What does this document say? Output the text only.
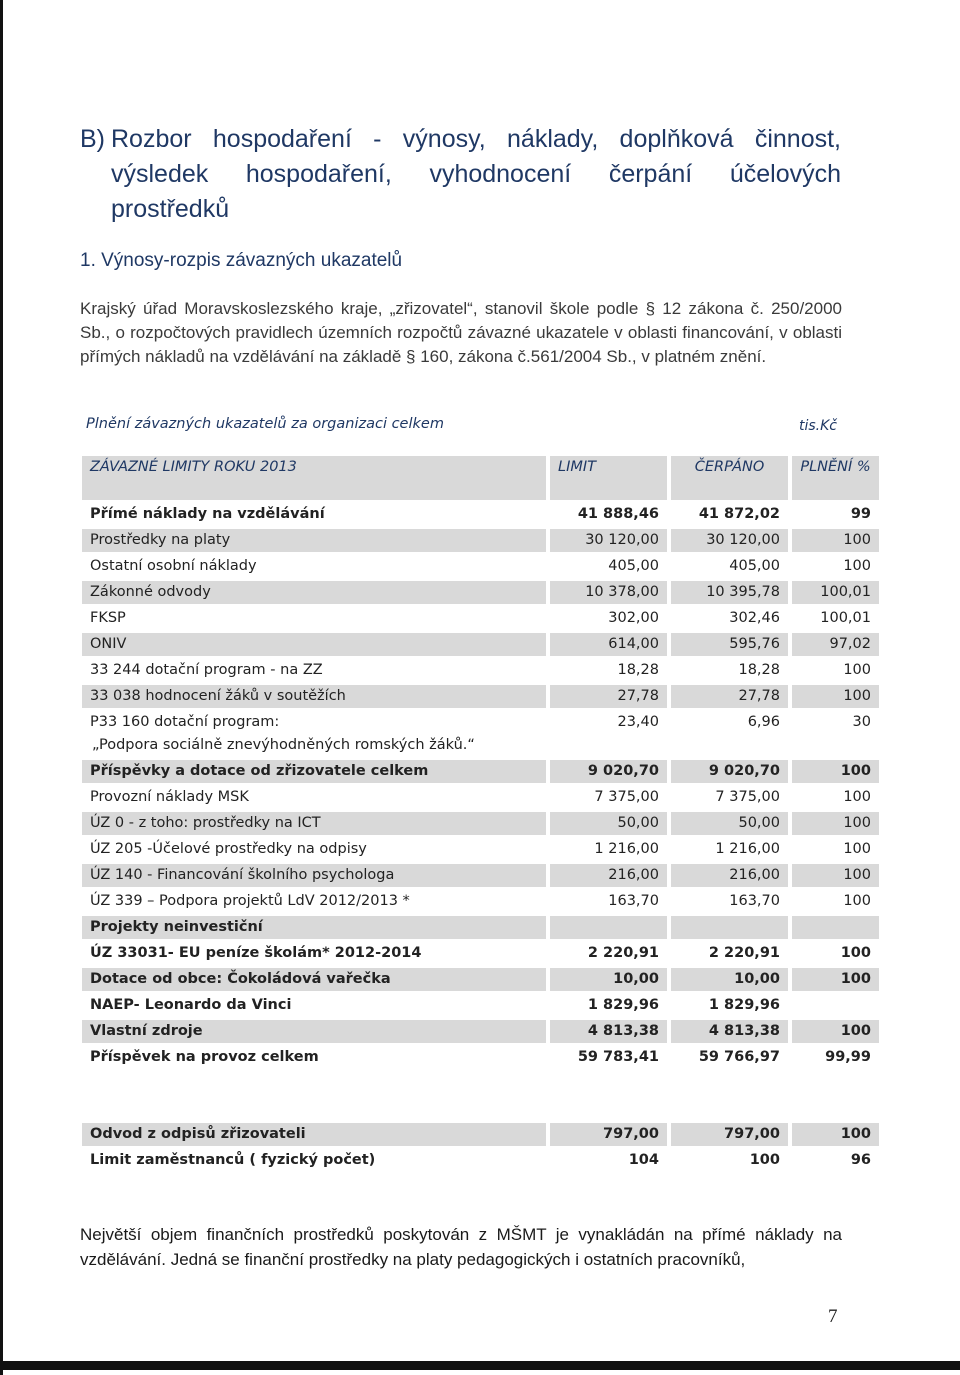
B) Rozbor hospodaření - výnosy, náklady, doplňková činnost, výsledek hospodaření, vyhodnocení čerpání účelových prostředků
1. Výnosy-rozpis závazných ukazatelů
Krajský úřad Moravskoslezského kraje, „zřizovatel“, stanovil škole podle § 12 zákona č. 250/2000 Sb., o rozpočtových pravidlech územních rozpočtů závazné ukazatele v oblasti financování, v oblasti přímých nákladů na vzdělávání na základě § 160, zákona č.561/2004 Sb., v platném znění.
Plnění závazných ukazatelů za organizaci celkem	tis.Kč
ZÁVAZNÉ LIMITY ROKU 2013	LIMIT	ČERPÁNO	PLNĚNÍ %
Přímé náklady na vzdělávání	41 888,46	41 872,02	99
Prostředky na platy	30 120,00	30 120,00	100
Ostatní osobní náklady	405,00	405,00	100
Zákonné odvody	10 378,00	10 395,78	100,01
FKSP	302,00	302,46	100,01
ONIV	614,00	595,76	97,02
33 244 dotační program - na ZZ	18,28	18,28	100
33 038 hodnocení žáků v soutěžích	27,78	27,78	100

P33 160 dotační program:
„Podpora sociálně znevýhodněných romských žáků.“	23,40	6,96	30
Příspěvky a dotace od zřizovatele celkem	9 020,70	9 020,70	100
Provozní náklady MSK	7 375,00	7 375,00	100
ÚZ 0 - z toho: prostředky na ICT	50,00	50,00	100
ÚZ 205 -Účelové prostředky na odpisy	1 216,00	1 216,00	100
ÚZ 140 - Financování školního psychologa	216,00	216,00	100
ÚZ 339 – Podpora projektů LdV 2012/2013 *	163,70	163,70	100
Projekty neinvestiční			
ÚZ 33031- EU peníze školám* 2012-2014	2 220,91	2 220,91	100
Dotace od obce: Čokoládová vařečka	10,00	10,00	100
NAEP- Leonardo da Vinci	1 829,96	1 829,96	
Vlastní zdroje	4 813,38	4 813,38	100
Příspěvek na provoz celkem	59 783,41	59 766,97	99,99
Odvod z odpisů zřizovateli	797,00	797,00	100
Limit zaměstnanců ( fyzický počet)	104	100	96
Největší objem finančních prostředků poskytován z MŠMT je vynakládán na přímé náklady na vzdělávání. Jedná se finanční prostředky na platy pedagogických i ostatních pracovníků,
7
